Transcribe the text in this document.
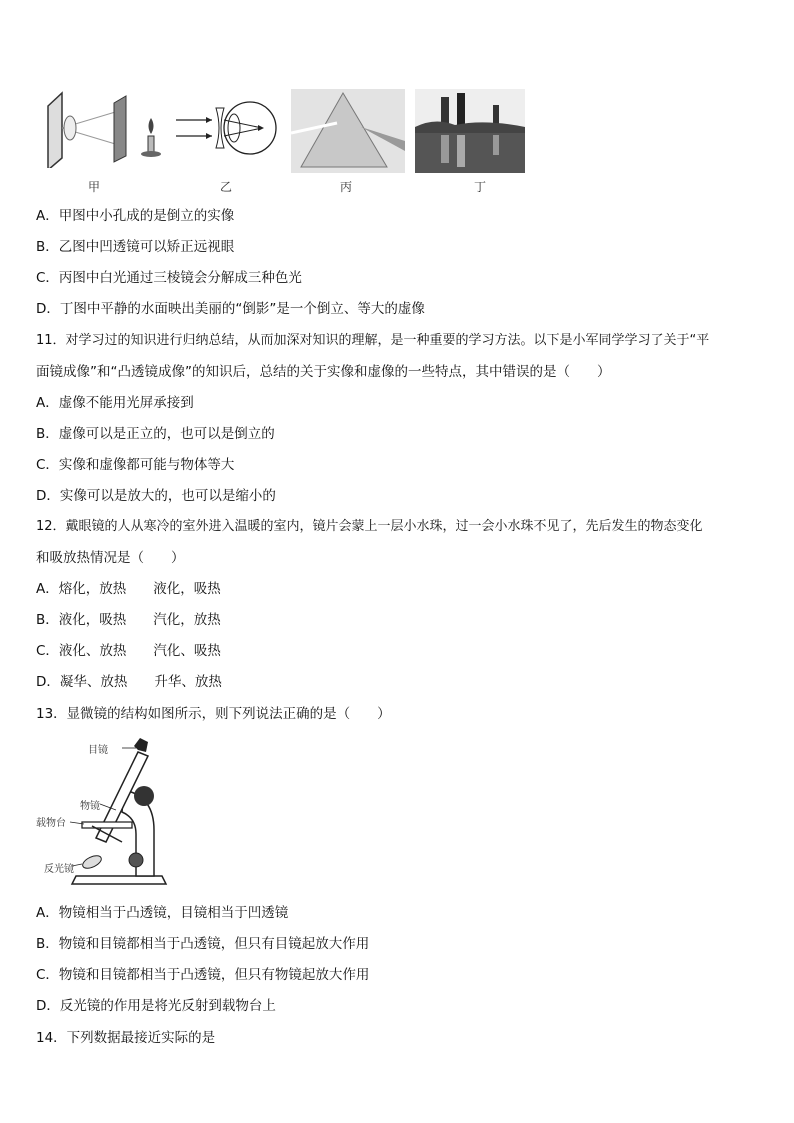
甲	乙	丙	丁
A．甲图中小孔成的是倒立的实像
B．乙图中凹透镜可以矫正远视眼
C．丙图中白光通过三棱镜会分解成三种色光
D．丁图中平静的水面映出美丽的“倒影”是一个倒立、等大的虚像
11．对学习过的知识进行归纳总结，从而加深对知识的理解，是一种重要的学习方法。以下是小军同学学习了关于“平
面镜成像”和“凸透镜成像”的知识后，总结的关于实像和虚像的一些特点，其中错误的是（　　）
A．虚像不能用光屏承接到
B．虚像可以是正立的，也可以是倒立的
C．实像和虚像都可能与物体等大
D．实像可以是放大的，也可以是缩小的
12．戴眼镜的人从寒冷的室外进入温暖的室内，镜片会蒙上一层小水珠，过一会小水珠不见了，先后发生的物态变化
和吸放热情况是（　　）
A．熔化，放热　　液化，吸热
B．液化，吸热　　汽化，放热
C．液化、放热　　汽化、吸热
D．凝华、放热　　升华、放热
13．显微镜的结构如图所示，则下列说法正确的是（　　）
目镜
物镜
载物台
反光镜
A．物镜相当于凸透镜，目镜相当于凹透镜
B．物镜和目镜都相当于凸透镜，但只有目镜起放大作用
C．物镜和目镜都相当于凸透镜，但只有物镜起放大作用
D．反光镜的作用是将光反射到载物台上
14．下列数据最接近实际的是
